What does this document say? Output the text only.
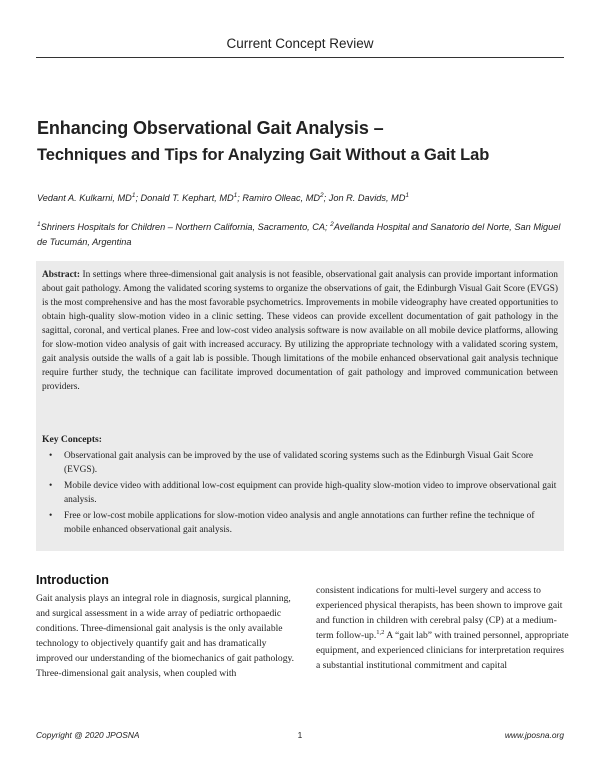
Current Concept Review
Enhancing Observational Gait Analysis –
Techniques and Tips for Analyzing Gait Without a Gait Lab
Vedant A. Kulkarni, $MD^1$; Donald T. Kephart, $MD^1$; Ramiro Olleac, $MD^2$; Jon R. Davids, $MD^1$
$^1$Shriners Hospitals for Children – Northern California, Sacramento, CA; $^2$Avellanda Hospital and Sanatorio del Norte, San Miguel de Tucumán, Argentina
Abstract: In settings where three-dimensional gait analysis is not feasible, observational gait analysis can provide important information about gait pathology. Among the validated scoring systems to organize the observations of gait, the Edinburgh Visual Gait Score (EVGS) is the most comprehensive and has the most favorable psychometrics. Improvements in mobile videography have created opportunities to obtain high-quality slow-motion video in a clinic setting. These videos can provide excellent documentation of gait pathology in the sagittal, coronal, and vertical planes. Free and low-cost video analysis software is now available on all mobile device platforms, allowing for slow-motion video analysis of gait with increased accuracy. By utilizing the appropriate technology with a validated scoring system, gait analysis outside the walls of a gait lab is possible. Though limitations of the mobile enhanced observational gait analysis technique require further study, the technique can facilitate improved documentation of gait pathology and improved communication between providers.
Key Concepts:
• Observational gait analysis can be improved by the use of validated scoring systems such as the Edinburgh Visual Gait Score (EVGS).
• Mobile device video with additional low-cost equipment can provide high-quality slow-motion video to improve observational gait analysis.
• Free or low-cost mobile applications for slow-motion video analysis and angle annotations can further refine the technique of mobile enhanced observational gait analysis.
Introduction
Gait analysis plays an integral role in diagnosis, surgical planning, and surgical assessment in a wide array of pediatric orthopaedic conditions. Three-dimensional gait analysis is the only available technology to objectively quantify gait and has dramatically improved our understanding of the biomechanics of gait pathology. Three-dimensional gait analysis, when coupled with
consistent indications for multi-level surgery and access to experienced physical therapists, has been shown to improve gait and function in children with cerebral palsy (CP) at a medium-term follow-up.$^{1,2}$ A “gait lab” with trained personnel, appropriate equipment, and experienced clinicians for interpretation requires a substantial institutional commitment and capital
Copyright @ 2020 JPOSNA	1	www.jposna.org
